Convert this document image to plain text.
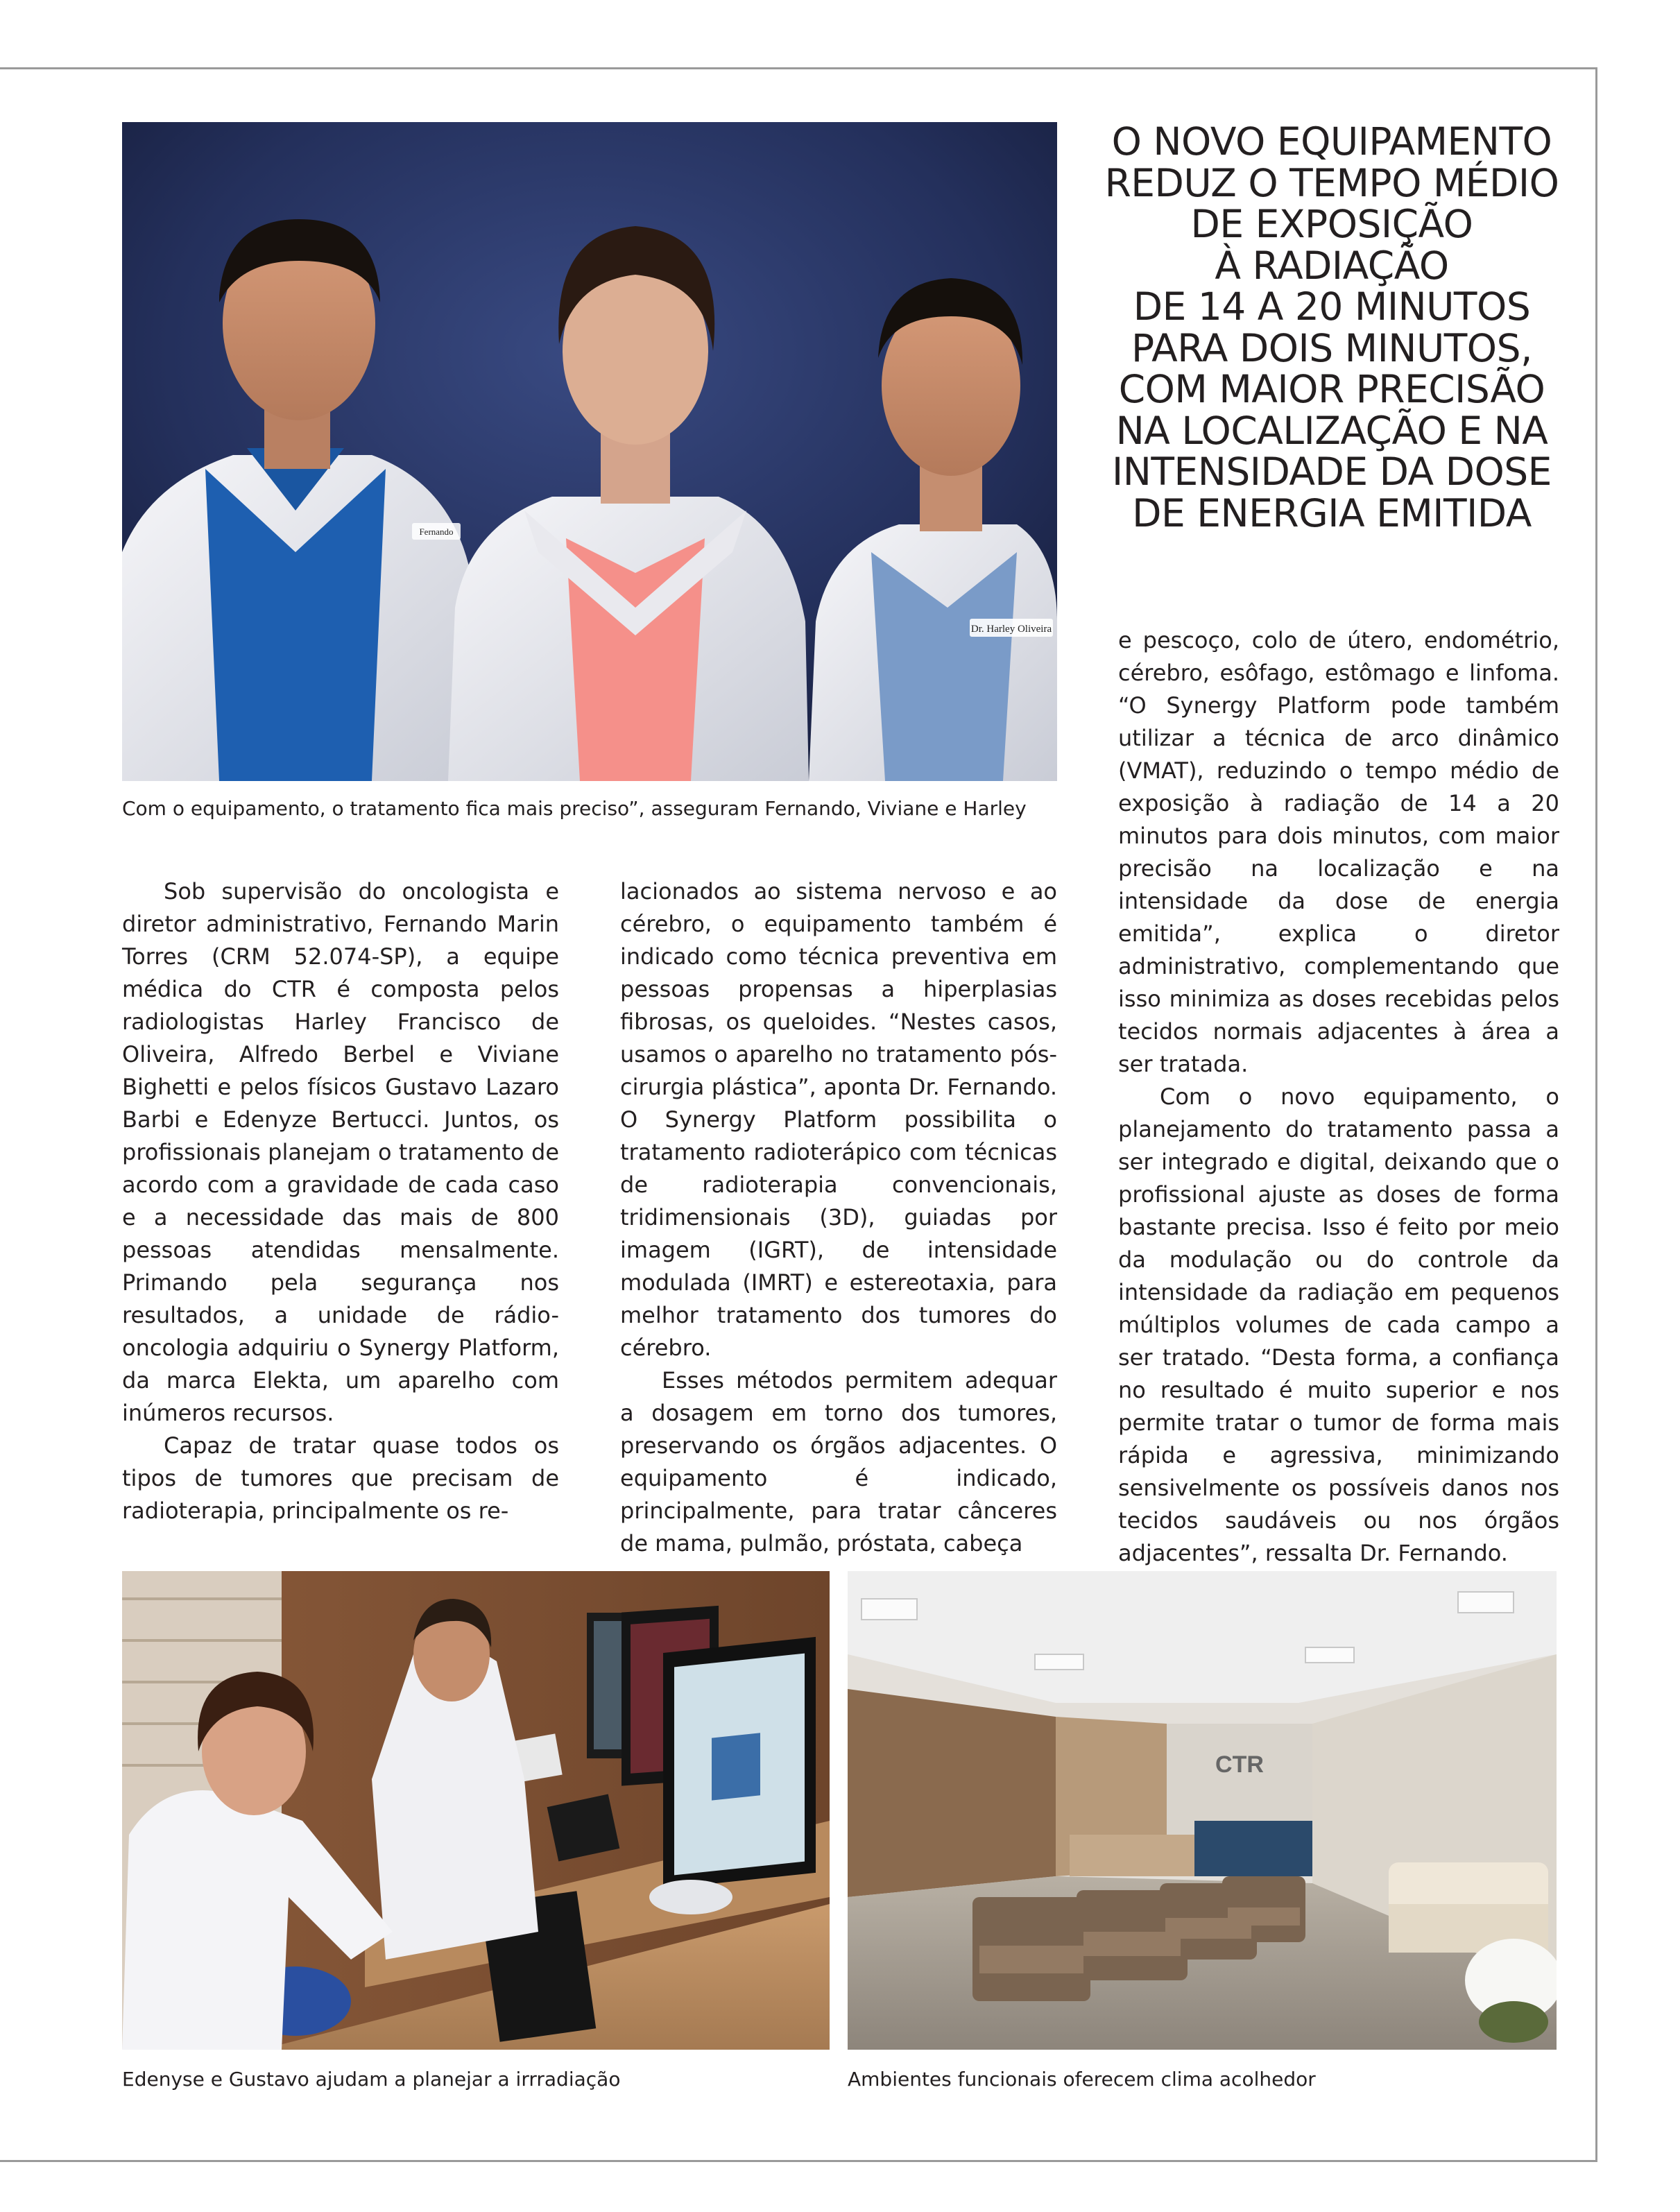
Dr. Harley Oliveira
Fernando
Com o equipamento, o tratamento fica mais preciso”, asseguram Fernando, Viviane e Harley
O NOVO EQUIPAMENTO
REDUZ O TEMPO MÉDIO
DE EXPOSIÇÃO
À RADIAÇÃO
DE 14 A 20 MINUTOS
PARA DOIS MINUTOS,
COM MAIOR PRECISÃO
NA LOCALIZAÇÃO E NA
INTENSIDADE DA DOSE
DE ENERGIA EMITIDA

Sob supervisão do oncologista e diretor administrativo, Fernando Marin Torres (CRM 52.074-SP), a equipe médica do CTR é composta pelos radiologistas Harley Francisco de Oliveira, Alfredo Berbel e Viviane Bighetti e pelos físicos Gustavo Lazaro Barbi e Edenyze Bertucci. Juntos, os profissionais planejam o tratamento de acordo com a gravidade de cada caso e a necessidade das mais de 800 pessoas atendidas mensalmente. Primando pela segurança nos resultados, a unidade de rádio-oncologia adquiriu o Synergy Platform, da marca Elekta, um aparelho com inúmeros recursos.

Capaz de tratar quase todos os tipos de tumores que precisam de radioterapia, principalmente os re-

lacionados ao sistema nervoso e ao cérebro, o equipamento também é indicado como técnica preventiva em pessoas propensas a hiperplasias fibrosas, os queloides. “Nestes casos, usamos o aparelho no tratamento pós-cirurgia plástica”, aponta Dr. Fernando. O Synergy Platform possibilita o tratamento radioterápico com técnicas de radioterapia convencionais, tridimensionais (3D), guiadas por imagem (IGRT), de intensidade modulada (IMRT) e estereotaxia, para melhor tratamento dos tumores do cérebro.

Esses métodos permitem adequar a dosagem em torno dos tumores, preservando os órgãos adjacentes. O equipamento é indicado, principalmente, para tratar cânceres de mama, pulmão, próstata, cabeça

e pescoço, colo de útero, endométrio, cérebro, esôfago, estômago e linfoma. “O Synergy Platform pode também utilizar a técnica de arco dinâmico (VMAT), reduzindo o tempo médio de exposição à radiação de 14 a 20 minutos para dois minutos, com maior precisão na localização e na intensidade da dose de energia emitida”, explica o diretor administrativo, complementando que isso minimiza as doses recebidas pelos tecidos normais adjacentes à área a ser tratada.

Com o novo equipamento, o planejamento do tratamento passa a ser integrado e digital, deixando que o profissional ajuste as doses de forma bastante precisa. Isso é feito por meio da modulação ou do controle da intensidade da radiação em pequenos múltiplos volumes de cada campo a ser tratado. “Desta forma, a confiança no resultado é muito superior e nos permite tratar o tumor de forma mais rápida e agressiva, minimizando sensivelmente os possíveis danos nos tecidos saudáveis ou nos órgãos adjacentes”, ressalta Dr. Fernando.

Edenyse e Gustavo ajudam a planejar a irrradiação
CTR
Ambientes funcionais oferecem clima acolhedor
